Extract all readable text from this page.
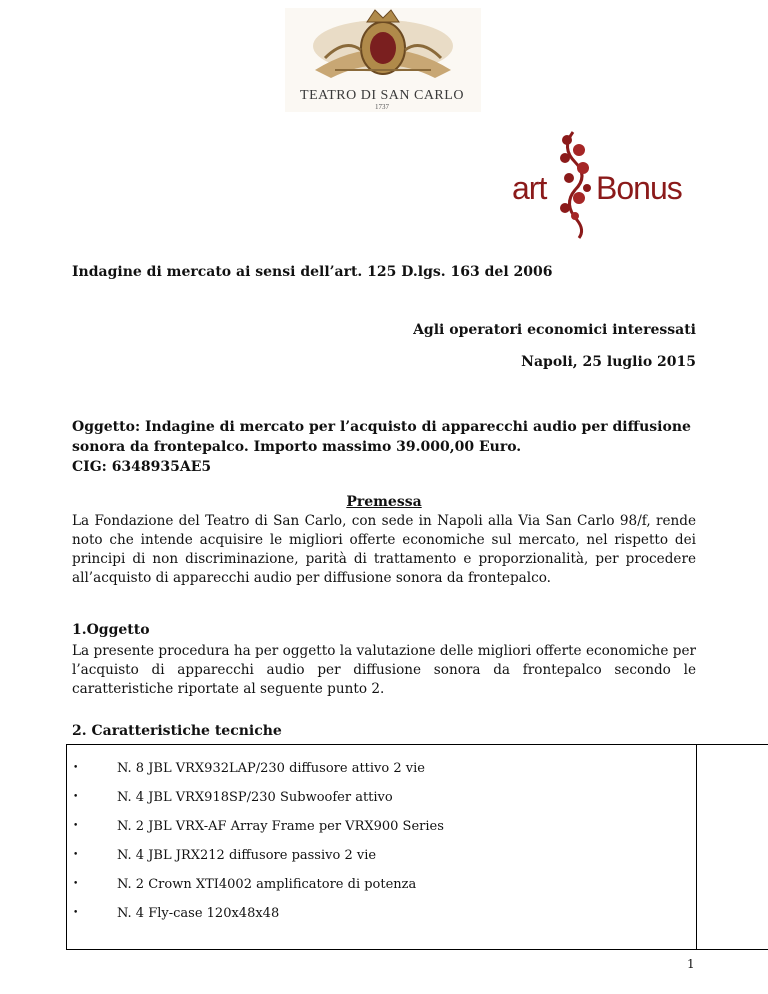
TEATRO DI SAN CARLO
1737
art Bonus
Indagine di mercato ai sensi dell’art. 125 D.lgs. 163 del 2006
Agli operatori economici interessati
Napoli, 25 luglio 2015
Oggetto: Indagine di mercato per l’acquisto di apparecchi audio per diffusione
sonora da frontepalco. Importo massimo 39.000,00 Euro.
CIG: 6348935AE5
Premessa
La Fondazione del Teatro di San Carlo, con sede in Napoli alla Via San Carlo 98/f, rende noto che intende acquisire le migliori offerte economiche sul mercato, nel rispetto dei principi di non discriminazione, parità di trattamento e proporzionalità, per procedere all’acquisto di apparecchi audio per diffusione sonora da frontepalco.
1.Oggetto
La presente procedura ha per oggetto la valutazione delle migliori offerte economiche per l’acquisto di apparecchi audio per diffusione sonora da frontepalco secondo le caratteristiche riportate al seguente punto 2.
2. Caratteristiche tecniche
•	N. 8 JBL VRX932LAP/230 diffusore attivo 2 vie
•	N. 4 JBL VRX918SP/230 Subwoofer attivo
•	N. 2 JBL VRX-AF Array Frame per VRX900 Series
•	N. 4 JBL JRX212 diffusore passivo 2 vie
•	N. 2 Crown XTI4002 amplificatore di potenza
•	N. 4 Fly-case 120x48x48
1
